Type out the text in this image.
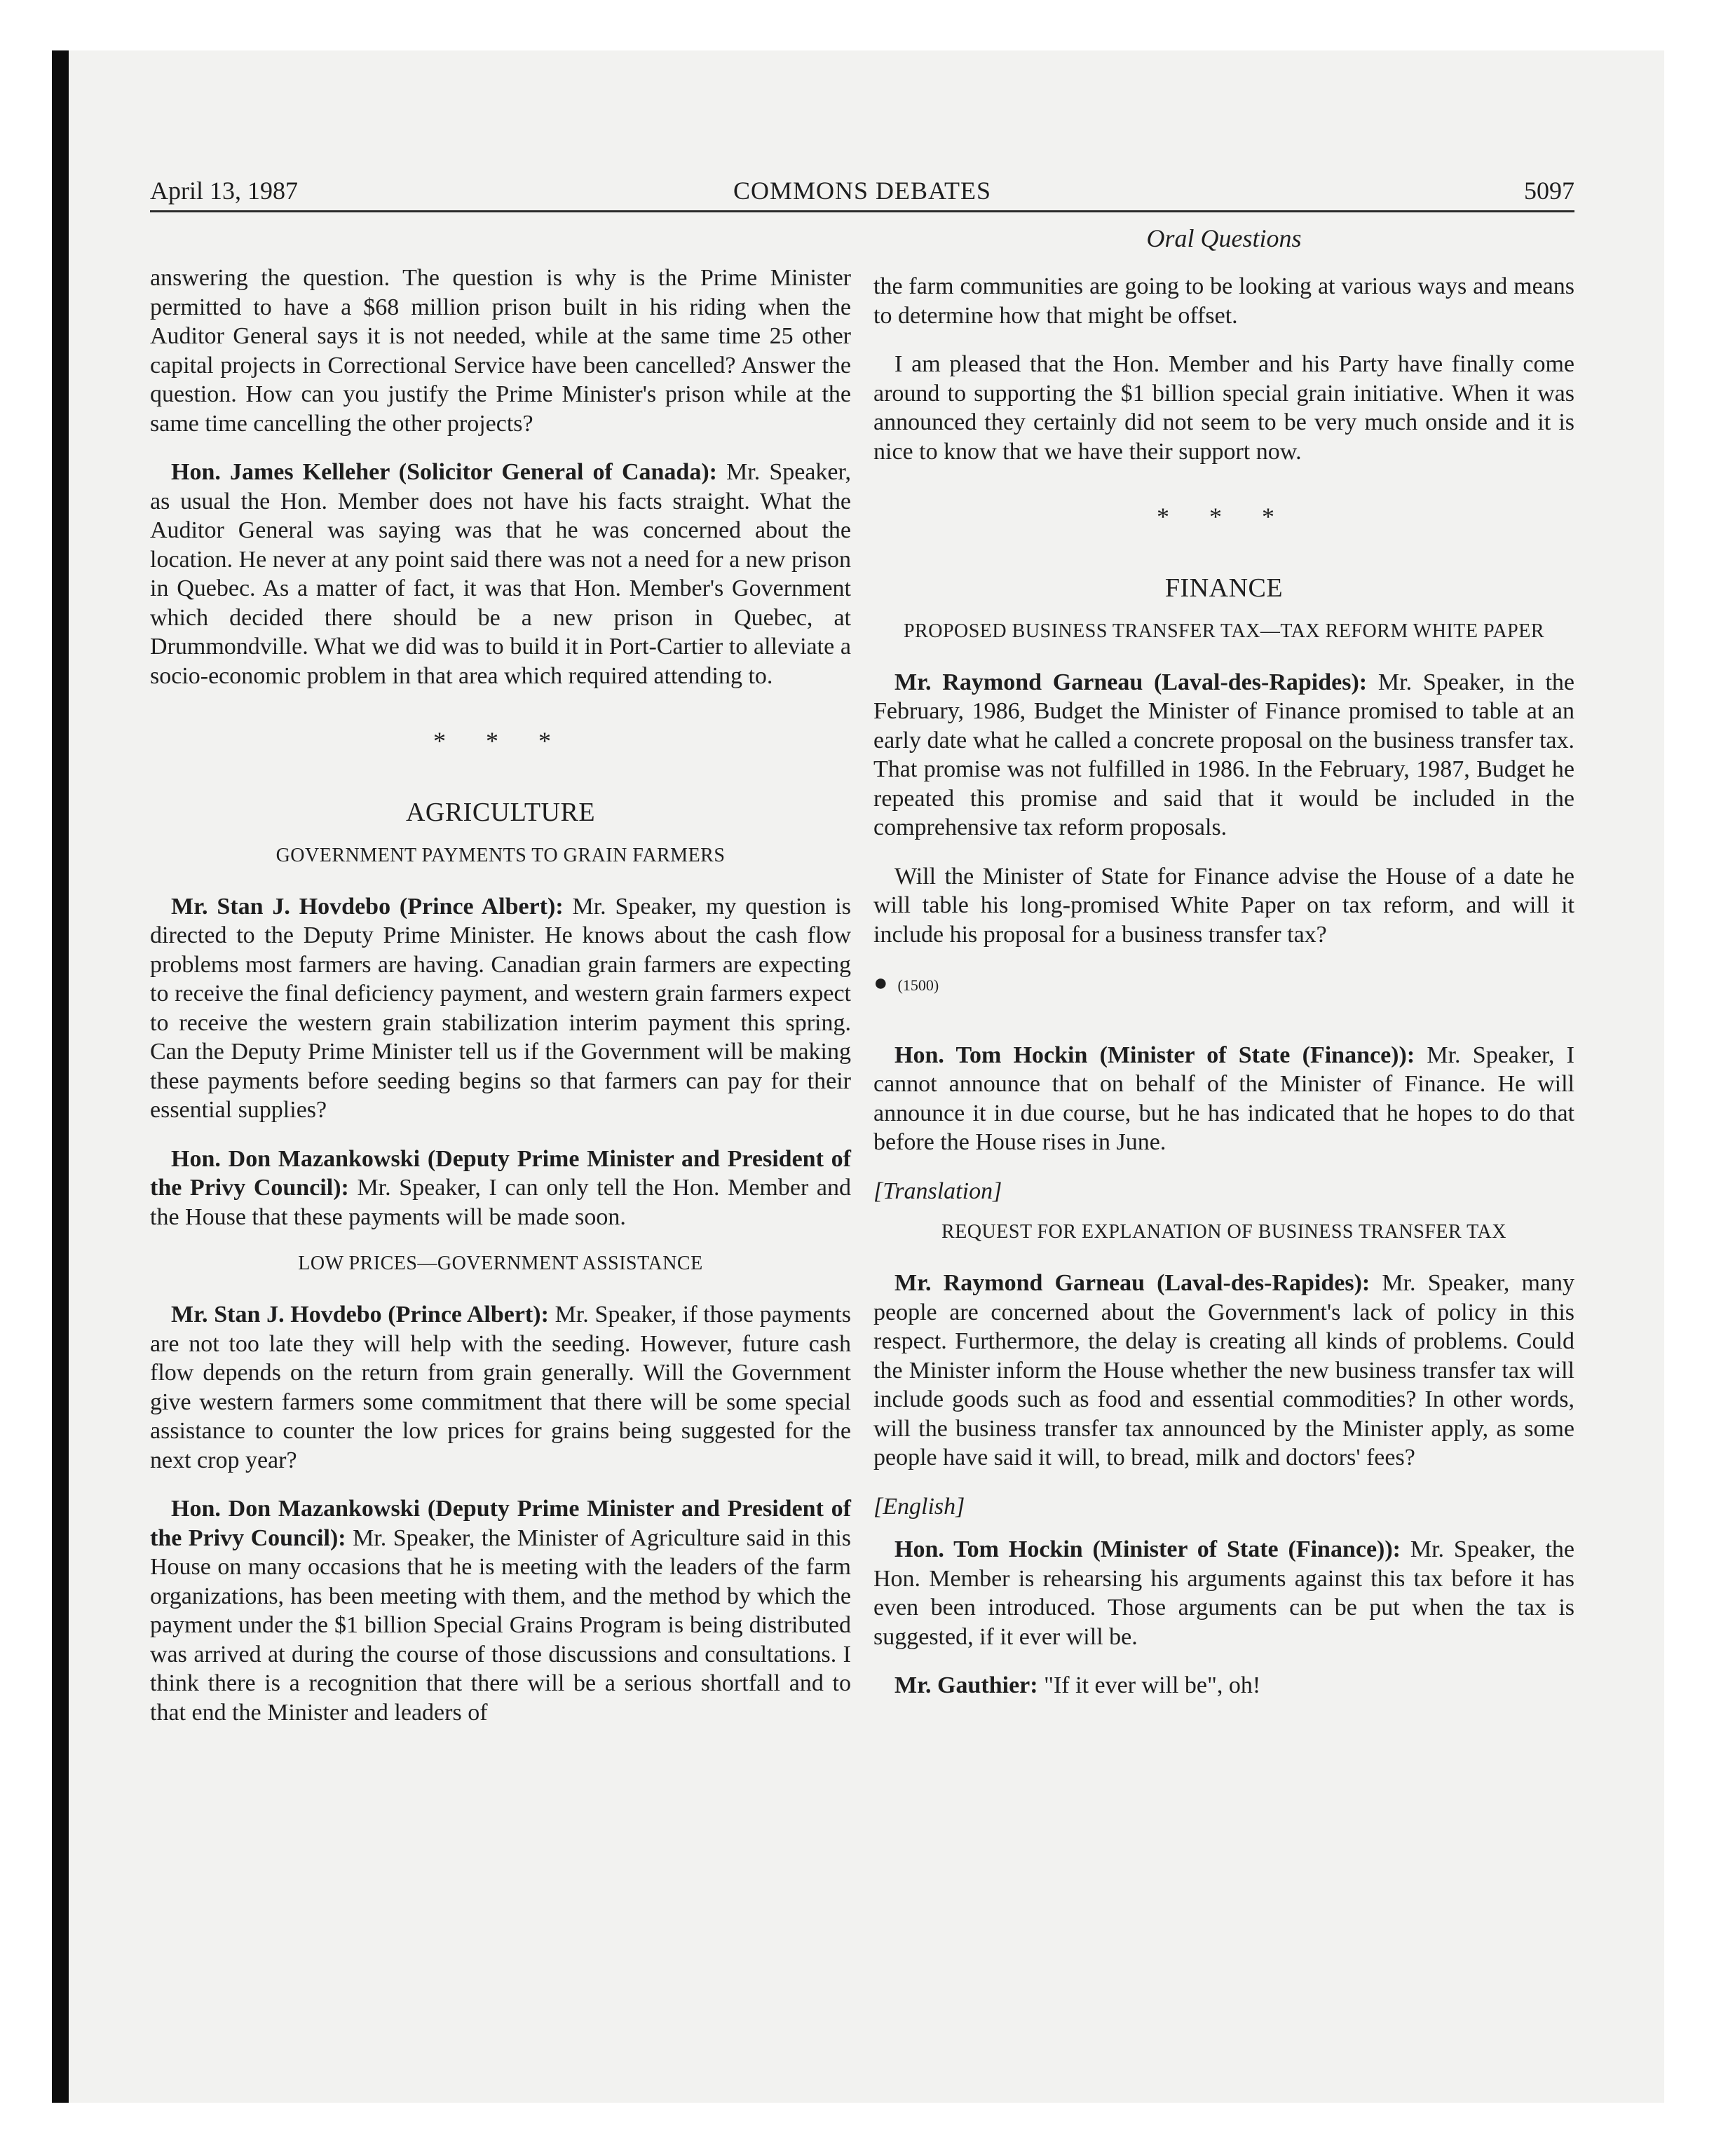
April 13, 1987	COMMONS DEBATES	5097

answering the question. The question is why is the Prime Minister permitted to have a $68 million prison built in his riding when the Auditor General says it is not needed, while at the same time 25 other capital projects in Correctional Service have been cancelled? Answer the question. How can you justify the Prime Minister's prison while at the same time cancelling the other projects?

Hon. James Kelleher (Solicitor General of Canada): Mr. Speaker, as usual the Hon. Member does not have his facts straight. What the Auditor General was saying was that he was concerned about the location. He never at any point said there was not a need for a new prison in Quebec. As a matter of fact, it was that Hon. Member's Government which decided there should be a new prison in Quebec, at Drummondville. What we did was to build it in Port-Cartier to alleviate a socio-economic problem in that area which required attending to.

* * *
AGRICULTURE
GOVERNMENT PAYMENTS TO GRAIN FARMERS

Mr. Stan J. Hovdebo (Prince Albert): Mr. Speaker, my question is directed to the Deputy Prime Minister. He knows about the cash flow problems most farmers are having. Canadian grain farmers are expecting to receive the final deficiency payment, and western grain farmers expect to receive the western grain stabilization interim payment this spring. Can the Deputy Prime Minister tell us if the Government will be making these payments before seeding begins so that farmers can pay for their essential supplies?

Hon. Don Mazankowski (Deputy Prime Minister and President of the Privy Council): Mr. Speaker, I can only tell the Hon. Member and the House that these payments will be made soon.

LOW PRICES—GOVERNMENT ASSISTANCE

Mr. Stan J. Hovdebo (Prince Albert): Mr. Speaker, if those payments are not too late they will help with the seeding. However, future cash flow depends on the return from grain generally. Will the Government give western farmers some commitment that there will be some special assistance to counter the low prices for grains being suggested for the next crop year?

Hon. Don Mazankowski (Deputy Prime Minister and President of the Privy Council): Mr. Speaker, the Minister of Agriculture said in this House on many occasions that he is meeting with the leaders of the farm organizations, has been meeting with them, and the method by which the payment under the $1 billion Special Grains Program is being distributed was arrived at during the course of those discussions and consultations. I think there is a recognition that there will be a serious shortfall and to that end the Minister and leaders of

Oral Questions

the farm communities are going to be looking at various ways and means to determine how that might be offset.

I am pleased that the Hon. Member and his Party have finally come around to supporting the $1 billion special grain initiative. When it was announced they certainly did not seem to be very much onside and it is nice to know that we have their support now.

* * *
FINANCE
PROPOSED BUSINESS TRANSFER TAX—TAX REFORM WHITE PAPER

Mr. Raymond Garneau (Laval-des-Rapides): Mr. Speaker, in the February, 1986, Budget the Minister of Finance promised to table at an early date what he called a concrete proposal on the business transfer tax. That promise was not fulfilled in 1986. In the February, 1987, Budget he repeated this promise and said that it would be included in the comprehensive tax reform proposals.

Will the Minister of State for Finance advise the House of a date he will table his long-promised White Paper on tax reform, and will it include his proposal for a business transfer tax?

● (1500)

Hon. Tom Hockin (Minister of State (Finance)): Mr. Speaker, I cannot announce that on behalf of the Minister of Finance. He will announce it in due course, but he has indicated that he hopes to do that before the House rises in June.

[Translation]
REQUEST FOR EXPLANATION OF BUSINESS TRANSFER TAX

Mr. Raymond Garneau (Laval-des-Rapides): Mr. Speaker, many people are concerned about the Government's lack of policy in this respect. Furthermore, the delay is creating all kinds of problems. Could the Minister inform the House whether the new business transfer tax will include goods such as food and essential commodities? In other words, will the business transfer tax announced by the Minister apply, as some people have said it will, to bread, milk and doctors' fees?

[English]

Hon. Tom Hockin (Minister of State (Finance)): Mr. Speaker, the Hon. Member is rehearsing his arguments against this tax before it has even been introduced. Those arguments can be put when the tax is suggested, if it ever will be.

Mr. Gauthier: "If it ever will be", oh!
